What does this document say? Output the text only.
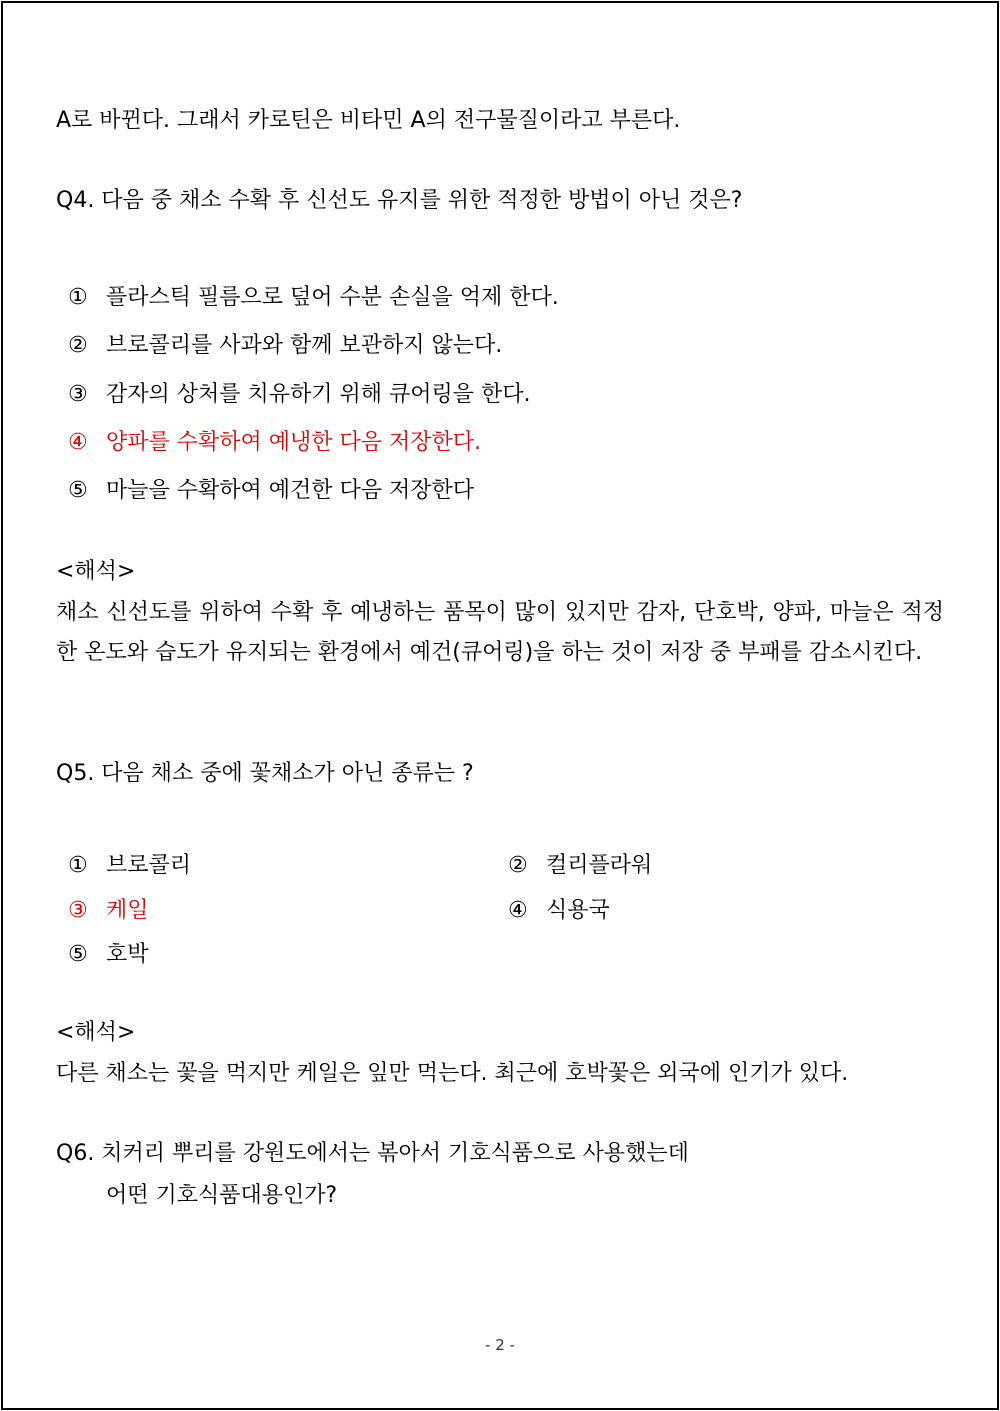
A로 바뀐다. 그래서 카로틴은 비타민 A의 전구물질이라고 부른다.
Q4. 다음 중 채소 수확 후 신선도 유지를 위한 적정한 방법이 아닌 것은?
① 플라스틱 필름으로 덮어 수분 손실을 억제 한다.
② 브로콜리를 사과와 함께 보관하지 않는다.
③ 감자의 상처를 치유하기 위해 큐어링을 한다.
④ 양파를 수확하여 예냉한 다음 저장한다.
⑤ 마늘을 수확하여 예건한 다음 저장한다
<해석>
채소 신선도를 위하여 수확 후 예냉하는 품목이 많이 있지만 감자, 단호박, 양파, 마늘은 적정한 온도와 습도가 유지되는 환경에서 예건(큐어링)을 하는 것이 저장 중 부패를 감소시킨다.
Q5. 다음 채소 중에 꽃채소가 아닌 종류는 ?
① 브로콜리	② 컬리플라워
③ 케일	④ 식용국
⑤ 호박
<해석>
다른 채소는 꽃을 먹지만 케일은 잎만 먹는다. 최근에 호박꽃은 외국에 인기가 있다.
Q6. 치커리 뿌리를 강원도에서는 볶아서 기호식품으로 사용했는데
어떤 기호식품대용인가?
- 2 -
